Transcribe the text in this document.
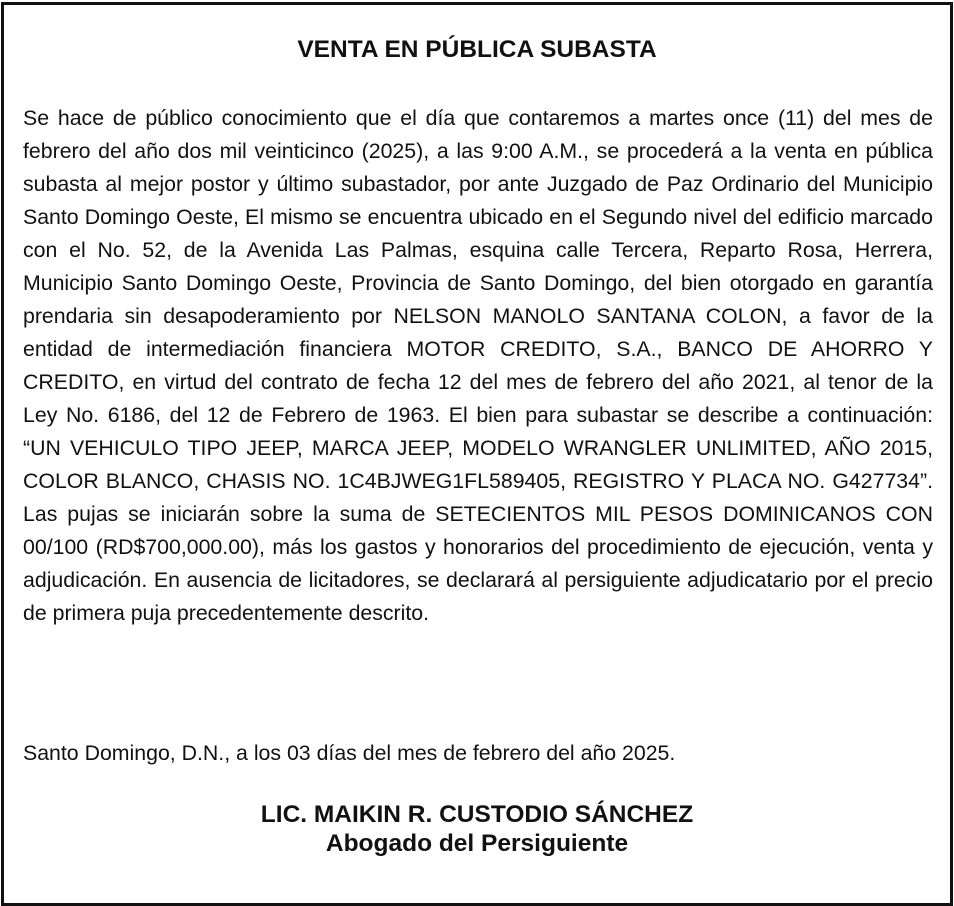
VENTA EN PÚBLICA SUBASTA

Se hace de público conocimiento que el día que contaremos a martes once (11) del mes de febrero del año dos mil veinticinco (2025), a las 9:00 A.M., se procederá a la venta en pública subasta al mejor postor y último subastador, por ante Juzgado de Paz Ordinario del Municipio Santo Domingo Oeste, El mismo se encuentra ubicado en el Segundo nivel del edificio marcado con el No. 52, de la Avenida Las Palmas, esquina calle Tercera, Reparto Rosa, Herrera, Municipio Santo Domingo Oeste, Provincia de Santo Domingo, del bien otorgado en garantía prendaria sin desapoderamiento por NELSON MANOLO SANTANA COLON, a favor de la entidad de intermediación financiera MOTOR CREDITO, S.A., BANCO DE AHORRO Y CREDITO, en virtud del contrato de fecha 12 del mes de febrero del año 2021, al tenor de la Ley No. 6186, del 12 de Febrero de 1963. El bien para subastar se describe a continuación: “UN VEHICULO TIPO JEEP, MARCA JEEP, MODELO WRANGLER UNLIMITED, AÑO 2015, COLOR BLANCO, CHASIS NO. 1C4BJWEG1FL589405, REGISTRO Y PLACA NO. G427734”. Las pujas se iniciarán sobre la suma de SETECIENTOS MIL PESOS DOMINICANOS CON 00/100 (RD$700,000.00), más los gastos y honorarios del procedimiento de ejecución, venta y adjudicación. En ausencia de licitadores, se declarará al persiguiente adjudicatario por el precio de primera puja precedentemente descrito.

Santo Domingo, D.N., a los 03 días del mes de febrero del año 2025.

LIC. MAIKIN R. CUSTODIO SÁNCHEZ
Abogado del Persiguiente
